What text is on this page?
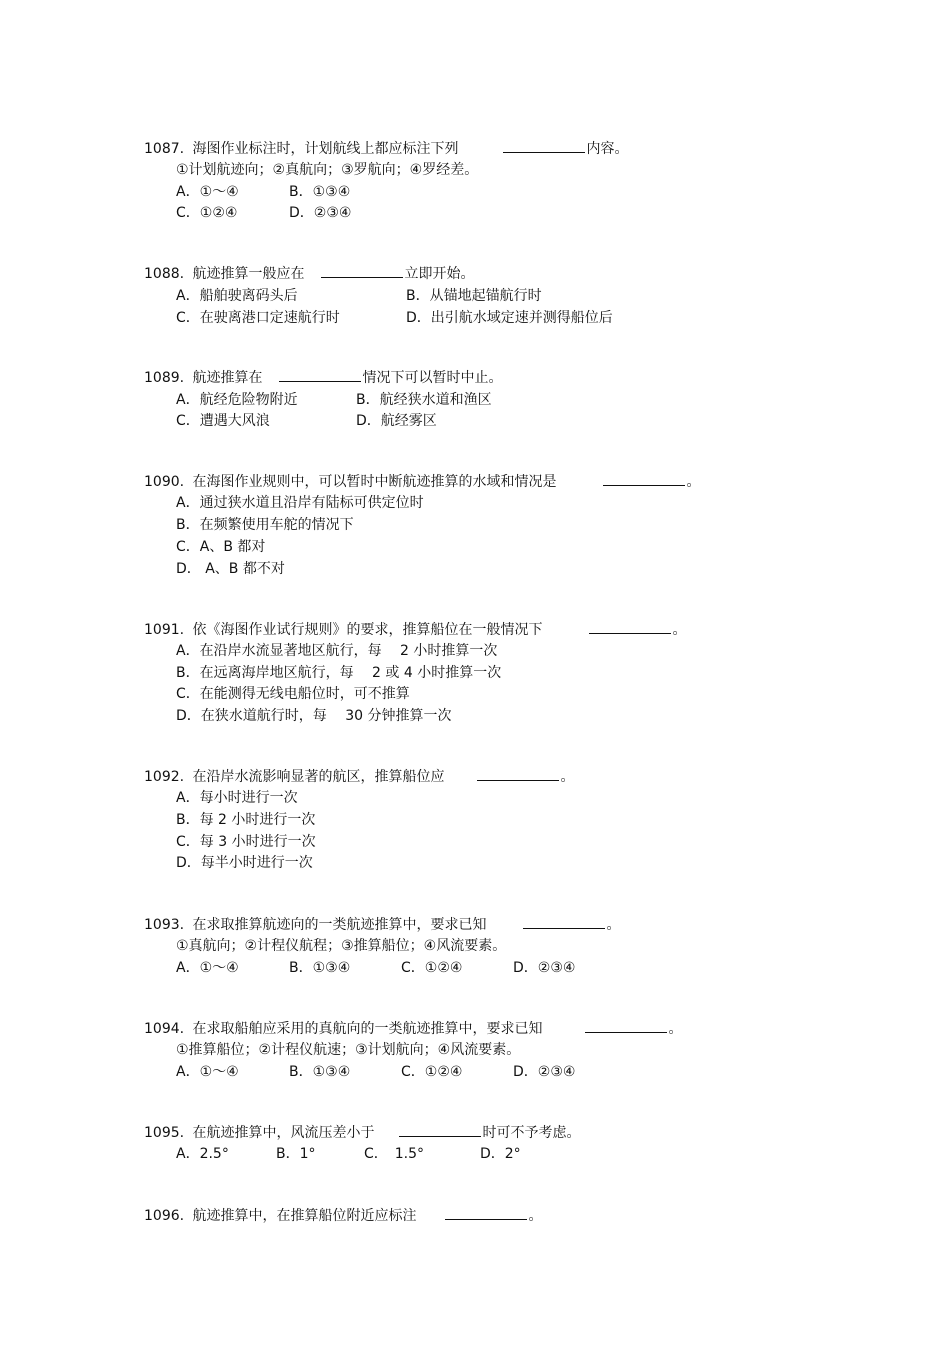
1087. 海图作业标注时，计划航线上都应标注下列	内容。
①计划航迹向；②真航向；③罗航向；④罗经差。
A．①～④	B．①③④
C．①②④	D．②③④
1088. 航迹推算一般应在	立即开始。
A．船舶驶离码头后	B．从锚地起锚航行时
C．在驶离港口定速航行时	D．出引航水域定速并测得船位后
1089. 航迹推算在	情况下可以暂时中止。
A．航经危险物附近	B．航经狭水道和渔区
C．遭遇大风浪	D．航经雾区
1090. 在海图作业规则中，可以暂时中断航迹推算的水域和情况是	。
A．通过狭水道且沿岸有陆标可供定位时
B．在频繁使用车舵的情况下
C．A、B 都对
D． A、B 都不对
1091. 依《海图作业试行规则》的要求，推算船位在一般情况下	。
A．在沿岸水流显著地区航行，每　 2 小时推算一次
B．在远离海岸地区航行，每　 2 或 4 小时推算一次
C．在能测得无线电船位时，可不推算
D．在狭水道航行时，每　 30 分钟推算一次
1092. 在沿岸水流影响显著的航区，推算船位应	。
A．每小时进行一次
B．每 2 小时进行一次
C．每 3 小时进行一次
D．每半小时进行一次
1093. 在求取推算航迹向的一类航迹推算中，要求已知	。
①真航向；②计程仪航程；③推算船位；④风流要素。
A．①～④	B．①③④	C．①②④	D．②③④
1094. 在求取船舶应采用的真航向的一类航迹推算中，要求已知	。
①推算船位；②计程仪航速；③计划航向；④风流要素。
A．①～④	B．①③④	C．①②④	D．②③④
1095. 在航迹推算中，风流压差小于	时可不予考虑。
A．2.5°	B．1°	C．　1.5°	D．2°
1096. 航迹推算中，在推算船位附近应标注	。
